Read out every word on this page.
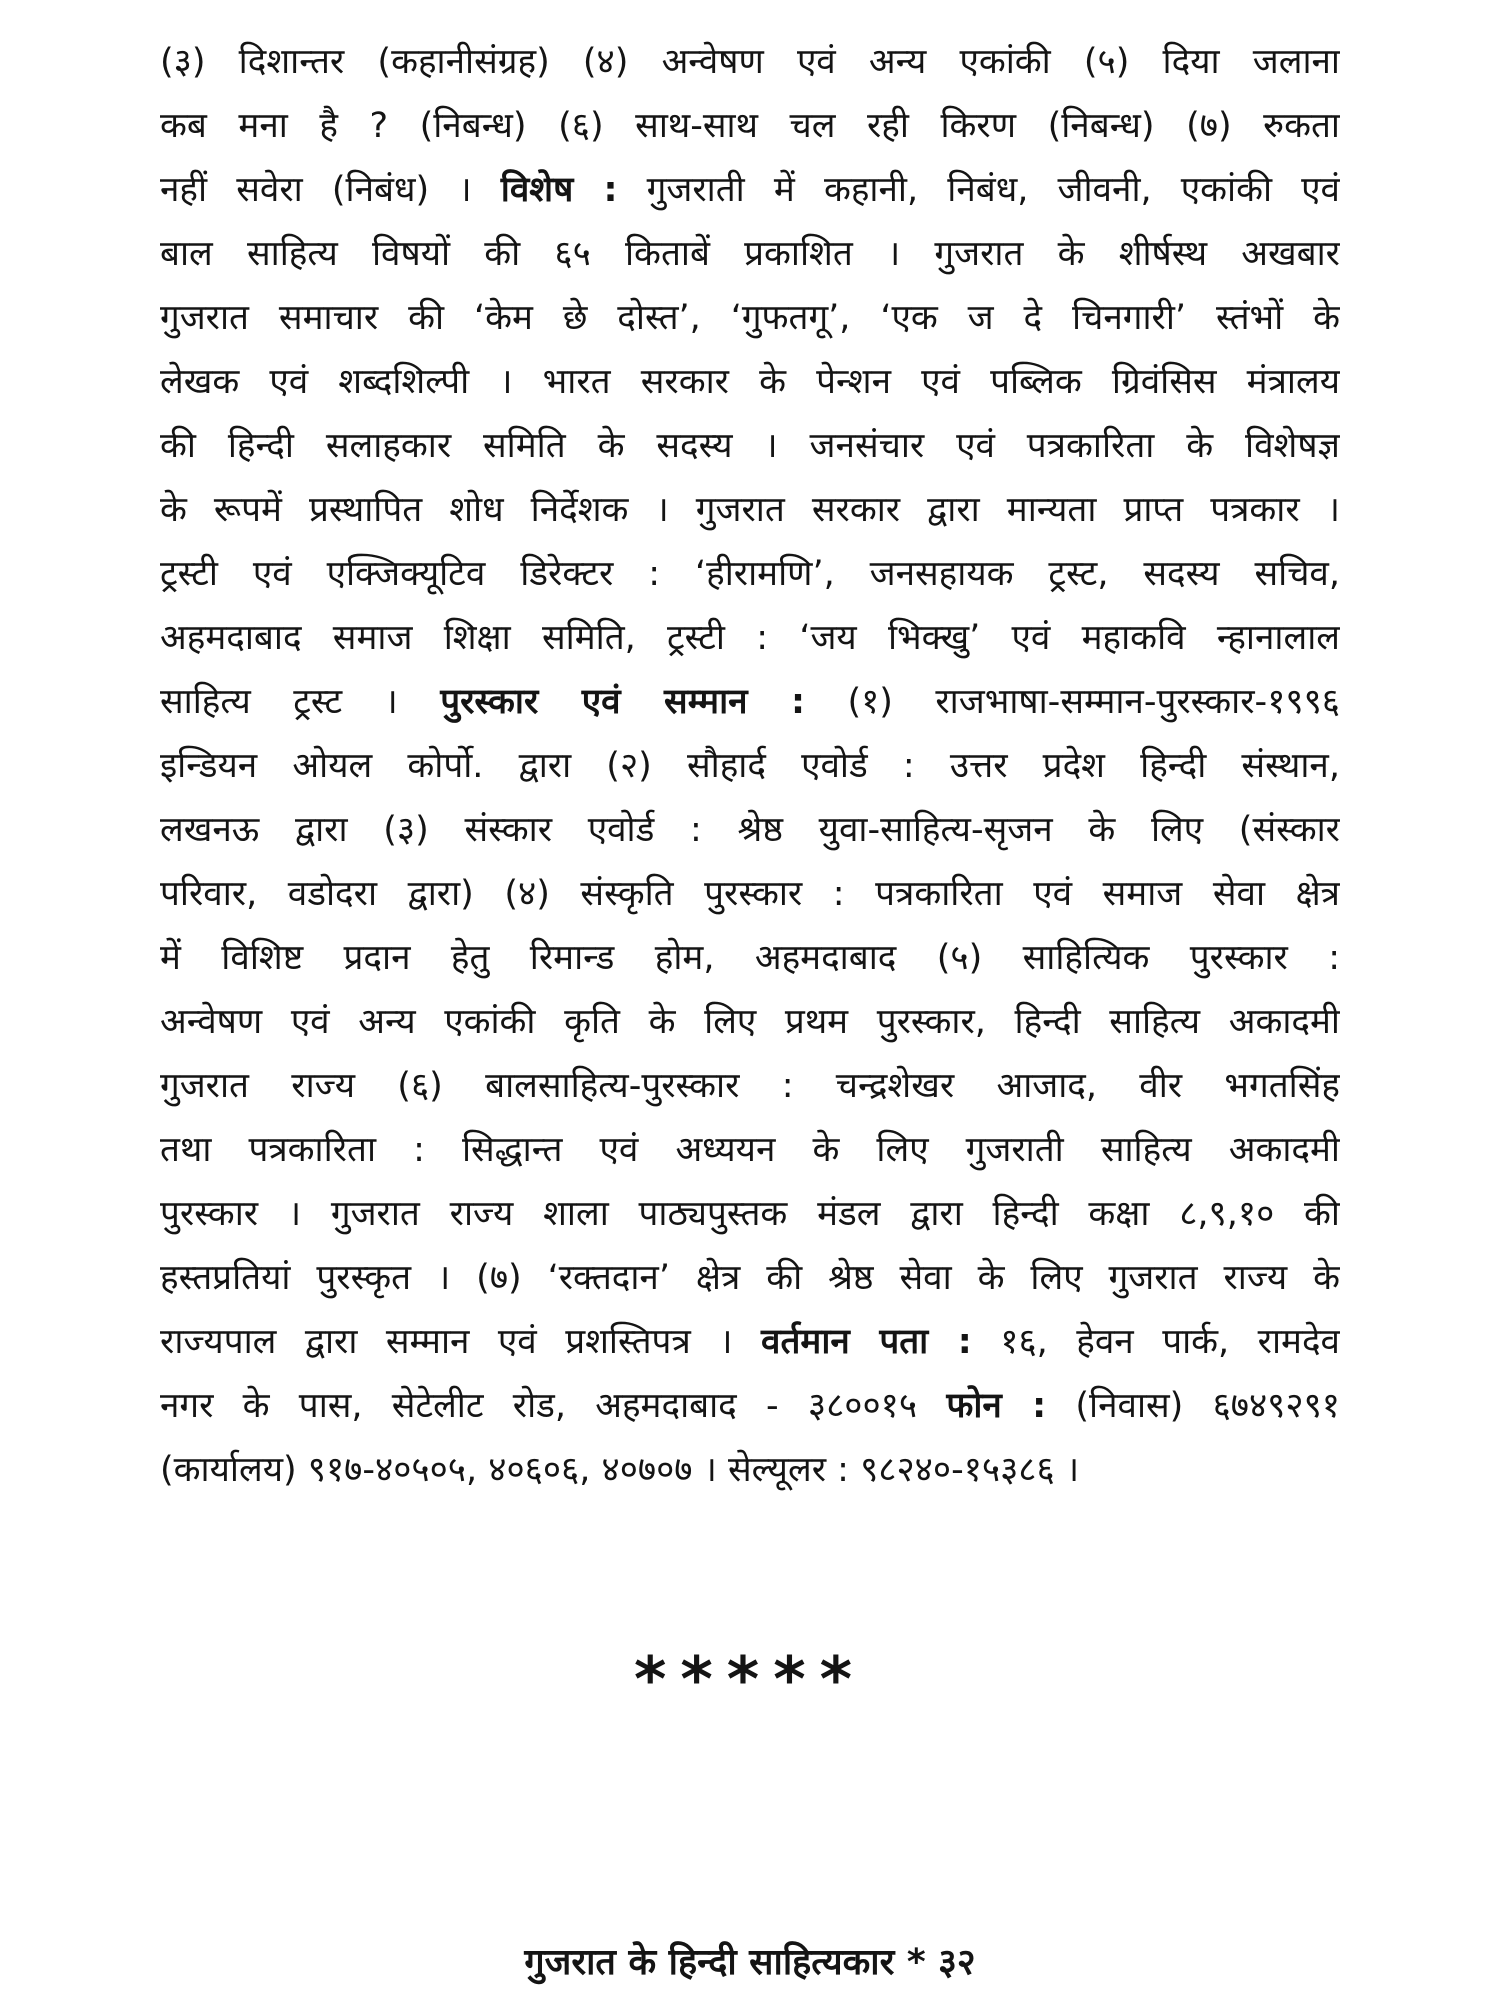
(३) दिशान्तर (कहानीसंग्रह) (४) अन्वेषण एवं अन्य एकांकी (५) दिया जलाना
कब मना है ? (निबन्ध) (६) साथ-साथ चल रही किरण (निबन्ध) (७) रुकता
नहीं सवेरा (निबंध) । विशेष : गुजराती में कहानी, निबंध, जीवनी, एकांकी एवं
बाल साहित्य विषयों की ६५ किताबें प्रकाशित । गुजरात के शीर्षस्थ अखबार
गुजरात समाचार की ‘केम छे दोस्त’, ‘गुफतगू’, ‘एक ज दे चिनगारी’ स्तंभों के
लेखक एवं शब्दशिल्पी । भारत सरकार के पेन्शन एवं पब्लिक ग्रिवंसिस मंत्रालय
की हिन्दी सलाहकार समिति के सदस्य । जनसंचार एवं पत्रकारिता के विशेषज्ञ
के रूपमें प्रस्थापित शोध निर्देशक । गुजरात सरकार द्वारा मान्यता प्राप्त पत्रकार ।
ट्रस्टी एवं एक्जिक्यूटिव डिरेक्टर : ‘हीरामणि’, जनसहायक ट्रस्ट, सदस्य सचिव,
अहमदाबाद समाज शिक्षा समिति, ट्रस्टी : ‘जय भिक्खु’ एवं महाकवि न्हानालाल
साहित्य ट्रस्ट । पुरस्कार एवं सम्मान : (१) राजभाषा-सम्मान-पुरस्कार-१९९६
इन्डियन ओयल कोर्पो. द्वारा (२) सौहार्द एवोर्ड : उत्तर प्रदेश हिन्दी संस्थान,
लखनऊ द्वारा (३) संस्कार एवोर्ड : श्रेष्ठ युवा-साहित्य-सृजन के लिए (संस्कार
परिवार, वडोदरा द्वारा) (४) संस्कृति पुरस्कार : पत्रकारिता एवं समाज सेवा क्षेत्र
में विशिष्ट प्रदान हेतु रिमान्ड होम, अहमदाबाद (५) साहित्यिक पुरस्कार :
अन्वेषण एवं अन्य एकांकी कृति के लिए प्रथम पुरस्कार, हिन्दी साहित्य अकादमी
गुजरात राज्य (६) बालसाहित्य-पुरस्कार : चन्द्रशेखर आजाद, वीर भगतसिंह
तथा पत्रकारिता : सिद्धान्त एवं अध्ययन के लिए गुजराती साहित्य अकादमी
पुरस्कार । गुजरात राज्य शाला पाठ्यपुस्तक मंडल द्वारा हिन्दी कक्षा ८,९,१० की
हस्तप्रतियां पुरस्कृत । (७) ‘रक्तदान’ क्षेत्र की श्रेष्ठ सेवा के लिए गुजरात राज्य के
राज्यपाल द्वारा सम्मान एवं प्रशस्तिपत्र । वर्तमान पता : १६, हेवन पार्क, रामदेव
नगर के पास, सेटेलीट रोड, अहमदाबाद - ३८००१५ फोन : (निवास) ६७४९२९१
(कार्यालय) ९१७-४०५०५, ४०६०६, ४०७०७ । सेल्यूलर : ९८२४०-१५३८६ ।
*****
गुजरात के हिन्दी साहित्यकार * ३२
